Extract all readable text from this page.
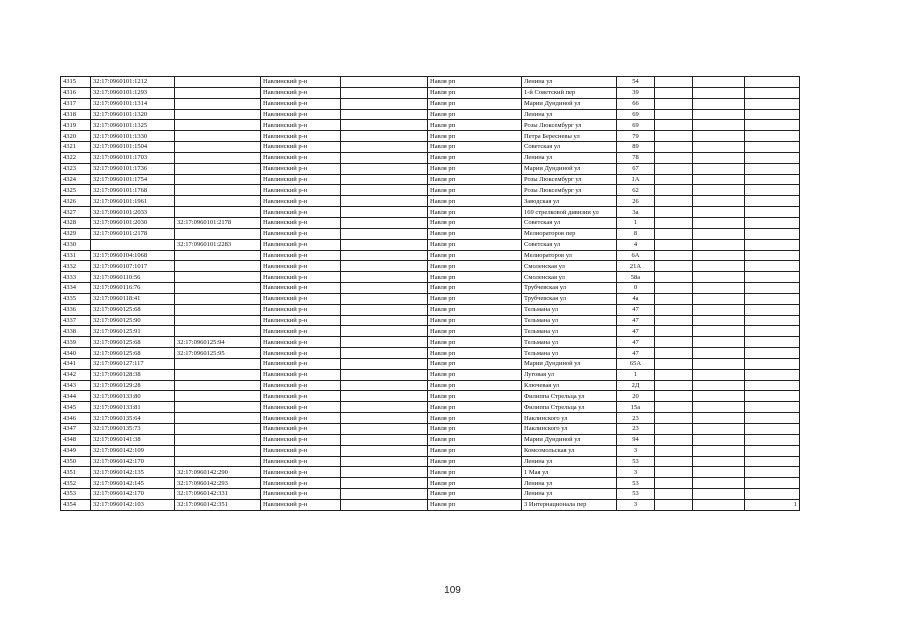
4315	32:17:0960101:1212		Навлинский р-н		Навля рп	Ленина ул	54			
4316	32:17:0960101:1293		Навлинский р-н		Навля рп	1-й Советский пер	39			
4317	32:17:0960101:1314		Навлинский р-н		Навля рп	Марии Дундиной ул	66			
4318	32:17:0960101:1320		Навлинский р-н		Навля рп	Ленина ул	69			
4319	32:17:0960101:1325		Навлинский р-н		Навля рп	Розы Люксембург ул	69			
4320	32:17:0960101:1330		Навлинский р-н		Навля рп	Петра Бересневы ул	79			
4321	32:17:0960101:1504		Навлинский р-н		Навля рп	Советская ул	89			
4322	32:17:0960101:1703		Навлинский р-н		Навля рп	Ленина ул	78			
4323	32:17:0960101:1736		Навлинский р-н		Навля рп	Марии Дундиной ул	67			
4324	32:17:0960101:1754		Навлинский р-н		Навля рп	Розы Люксембург ул	1А			
4325	32:17:0960101:1768		Навлинский р-н		Навля рп	Розы Люксембург ул	62			
4326	32:17:0960101:1961		Навлинский р-н		Навля рп	Заводская ул	26			
4327	32:17:0960101:2033		Навлинский р-н		Навля рп	169 стрелковой дивизии ул	3а			
4328	32:17:0960101:2030	32:17:0960101:2178	Навлинский р-н		Навля рп	Советская ул	1			
4329	32:17:0960101:2178		Навлинский р-н		Навля рп	Мелиораторов пер	8			
4330		32:17:0960101:2283	Навлинский р-н		Навля рп	Советская ул	4			
4331	32:17:0960104:1068		Навлинский р-н		Навля рп	Мелиораторов ул	6А			
4332	32:17:0960107:1017		Навлинский р-н		Навля рп	Смоленская ул	21А			
4333	32:17:0960110:56		Навлинский р-н		Навля рп	Смоленская ул	58а			
4334	32:17:0960116:76		Навлинский р-н		Навля рп	Трубчевская ул	0			
4335	32:17:0960118:41		Навлинский р-н		Навля рп	Трубчевская ул	4а			
4336	32:17:0960125:68		Навлинский р-н		Навля рп	Тельмана ул	47			
4337	32:17:0960125:90		Навлинский р-н		Навля рп	Тельмана ул	47			
4338	32:17:0960125:91		Навлинский р-н		Навля рп	Тельмана ул	47			
4339	32:17:0960125:68	32:17:0960125:94	Навлинский р-н		Навля рп	Тельмана ул	47			
4340	32:17:0960125:68	32:17:0960125:95	Навлинский р-н		Навля рп	Тельмана ул	47			
4341	32:17:0960127:117		Навлинский р-н		Навля рп	Марии Дундиной ул	65А			
4342	32:17:0960128:38		Навлинский р-н		Навля рп	Луговая ул	1			
4343	32:17:0960129:28		Навлинский р-н		Навля рп	Ключевая ул	2Д			
4344	32:17:0960133:80		Навлинский р-н		Навля рп	Филиппа Стрельца ул	20			
4345	32:17:0960133:81		Навлинский р-н		Навля рп	Филиппа Стрельца ул	15а			
4346	32:17:0960135:64		Навлинский р-н		Навля рп	Наклинского ул	23			
4347	32:17:0960135:73		Навлинский р-н		Навля рп	Наклинского ул	23			
4348	32:17:0960141:38		Навлинский р-н		Навля рп	Марии Дундиной ул	94			
4349	32:17:0960142:109		Навлинский р-н		Навля рп	Комсомольская ул	3			
4350	32:17:0960142:170		Навлинский р-н		Навля рп	Ленина ул	53			
4351	32:17:0960142:135	32:17:0960142:290	Навлинский р-н		Навля рп	1 Мая ул	3			
4352	32:17:0960142:145	32:17:0960142:293	Навлинский р-н		Навля рп	Ленина ул	53			
4353	32:17:0960142:170	32:17:0960142:331	Навлинский р-н		Навля рп	Ленина ул	53			
4354	32:17:0960142:103	32:17:0960142:351	Навлинский р-н		Навля рп	3 Интернационала пер	3			1
109
